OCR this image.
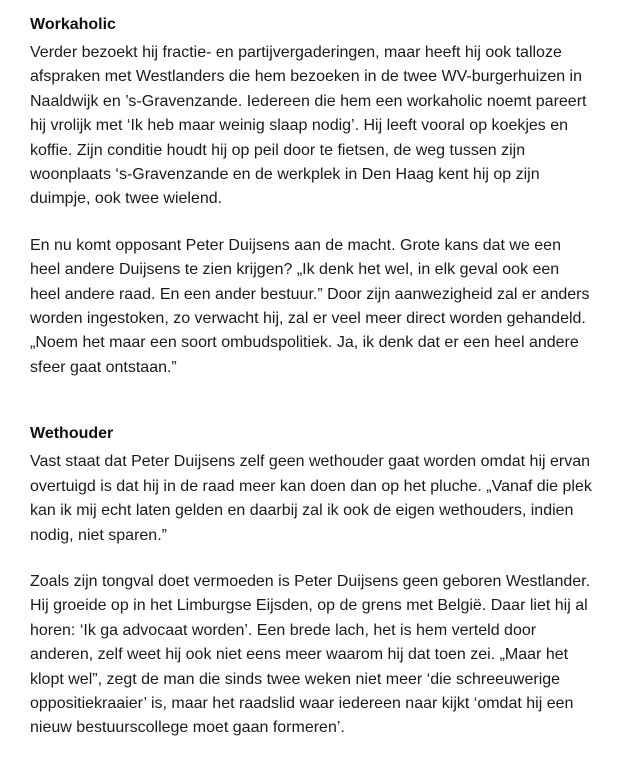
Workaholic

Verder bezoekt hij fractie- en partijvergaderingen, maar heeft hij ook talloze
afspraken met Westlanders die hem bezoeken in de twee WV-burgerhuizen in
Naaldwijk en ’s-Gravenzande. Iedereen die hem een workaholic noemt pareert
hij vrolijk met ‘Ik heb maar weinig slaap nodig’. Hij leeft vooral op koekjes en
koffie. Zijn conditie houdt hij op peil door te fietsen, de weg tussen zijn
woonplaats ‘s-Gravenzande en de werkplek in Den Haag kent hij op zijn
duimpje, ook twee wielend.

En nu komt opposant Peter Duijsens aan de macht. Grote kans dat we een
heel andere Duijsens te zien krijgen? „Ik denk het wel, in elk geval ook een
heel andere raad. En een ander bestuur.” Door zijn aanwezigheid zal er anders
worden ingestoken, zo verwacht hij, zal er veel meer direct worden gehandeld.
„Noem het maar een soort ombudspolitiek. Ja, ik denk dat er een heel andere
sfeer gaat ontstaan.”

Wethouder

Vast staat dat Peter Duijsens zelf geen wethouder gaat worden omdat hij ervan
overtuigd is dat hij in de raad meer kan doen dan op het pluche. „Vanaf die plek
kan ik mij echt laten gelden en daarbij zal ik ook de eigen wethouders, indien
nodig, niet sparen.”

Zoals zijn tongval doet vermoeden is Peter Duijsens geen geboren Westlander.
Hij groeide op in het Limburgse Eijsden, op de grens met België. Daar liet hij al
horen: ‘Ik ga advocaat worden’. Een brede lach, het is hem verteld door
anderen, zelf weet hij ook niet eens meer waarom hij dat toen zei. „Maar het
klopt wel”, zegt de man die sinds twee weken niet meer ‘die schreeuwerige
oppositiekraaier’ is, maar het raadslid waar iedereen naar kijkt ‘omdat hij een
nieuw bestuurscollege moet gaan formeren’.
